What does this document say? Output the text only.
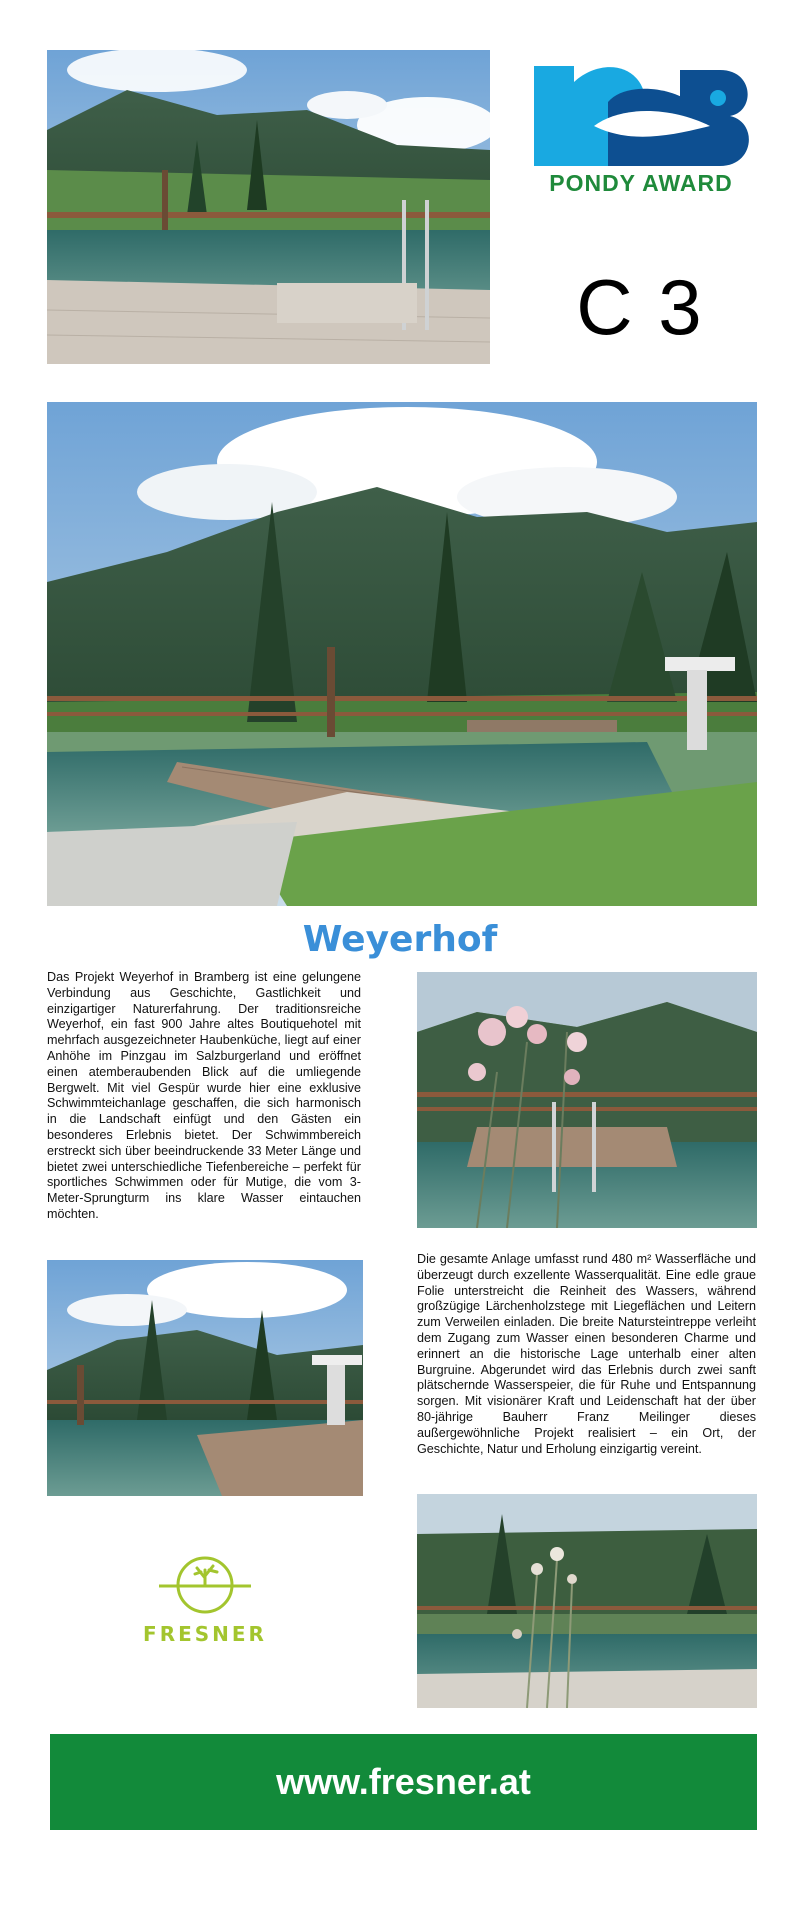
PONDY AWARD
C 3
Weyerhof

Das Projekt Weyerhof in Bramberg ist eine gelungene Verbindung aus Geschichte, Gastlichkeit und einzigartiger Naturerfahrung. Der traditionsreiche Weyerhof, ein fast 900 Jahre altes Boutiquehotel mit mehrfach ausgezeichneter Haubenküche, liegt auf einer Anhöhe im Pinzgau im Salzburgerland und eröffnet einen atemberaubenden Blick auf die umliegende Bergwelt. Mit viel Gespür wurde hier eine exklusive Schwimmteichanlage geschaffen, die sich harmonisch in die Landschaft einfügt und den Gästen ein besonderes Erlebnis bietet. Der Schwimmbereich erstreckt sich über beeindruckende 33 Meter Länge und bietet zwei unterschiedliche Tiefenbereiche – perfekt für sportliches Schwimmen oder für Mutige, die vom 3-Meter-Sprungturm ins klare Wasser eintauchen möchten.

Die gesamte Anlage umfasst rund 480 m² Wasserfläche und überzeugt durch exzellente Wasserqualität. Eine edle graue Folie unterstreicht die Reinheit des Wassers, während großzügige Lärchenholzstege mit Liegeflächen und Leitern zum Verweilen einladen. Die breite Natursteintreppe verleiht dem Zugang zum Wasser einen besonderen Charme und erinnert an die historische Lage unterhalb einer alten Burgruine. Abgerundet wird das Erlebnis durch zwei sanft plätschernde Wasserspeier, die für Ruhe und Entspannung sorgen. Mit visionärer Kraft und Leidenschaft hat der über 80-jährige Bauherr Franz Meilinger dieses außergewöhnliche Projekt realisiert – ein Ort, der Geschichte, Natur und Erholung einzigartig vereint.

FRESNER
www.fresner.at
